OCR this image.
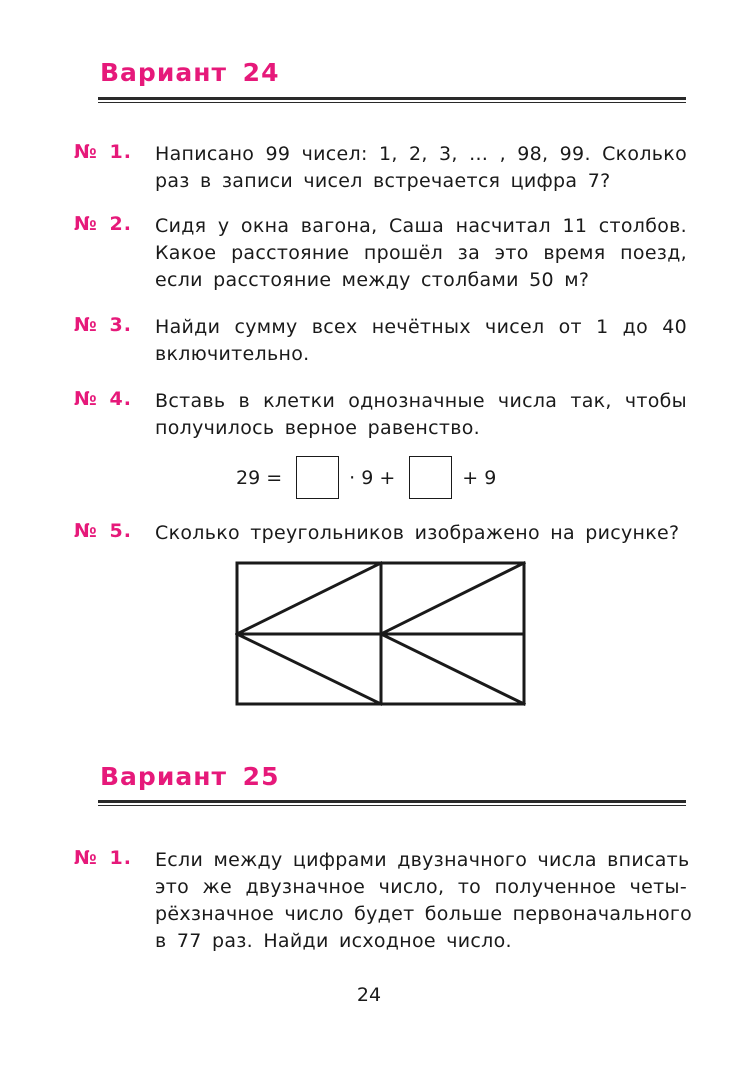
Вариант 24
№ 1. Написано 99 чисел: 1, 2, 3, … , 98, 99. Сколько
раз в записи чисел встречается цифра 7?
№ 2. Сидя у окна вагона, Саша насчитал 11 столбов.
Какое расстояние прошёл за это время поезд,
если расстояние между столбами 50 м?
№ 3. Найди сумму всех нечётных чисел от 1 до 40
включительно.
№ 4. Вставь в клетки однозначные числа так, чтобы
получилось верное равенство.
29 =	· 9 +	+ 9
№ 5. Сколько треугольников изображено на рисунке?
Вариант 25
№ 1. Если между цифрами двузначного числа вписать
это же двузначное число, то полученное четы-
рёхзначное число будет больше первоначального
в 77 раз. Найди исходное число.
24
